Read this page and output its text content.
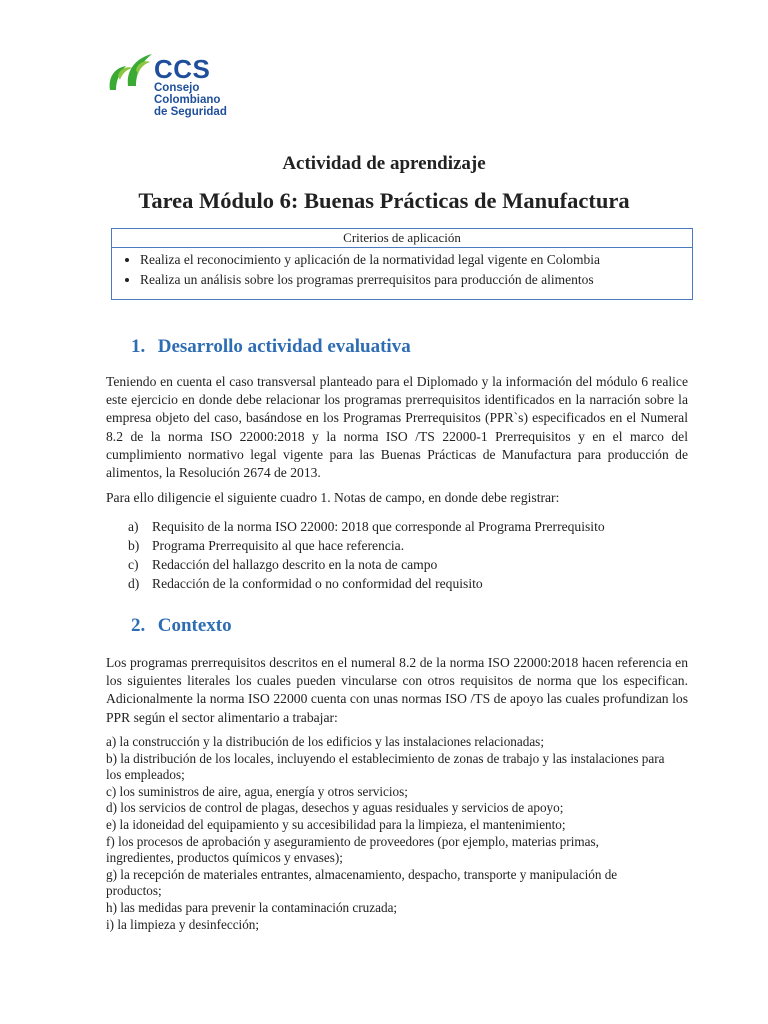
CCS
Consejo Colombiano
de Seguridad
Actividad de aprendizaje
Tarea Módulo 6: Buenas Prácticas de Manufactura
Criterios de aplicación
• Realiza el reconocimiento y aplicación de la normatividad legal vigente en Colombia
• Realiza un análisis sobre los programas prerrequisitos para producción de alimentos
1. Desarrollo actividad evaluativa

Teniendo en cuenta el caso transversal planteado para el Diplomado y la información del módulo 6 realice este ejercicio en donde debe relacionar los programas prerrequisitos identificados en la narración sobre la empresa objeto del caso, basándose en los Programas Prerrequisitos (PPR`s) especificados en el Numeral 8.2 de la norma ISO 22000:2018 y la norma ISO /TS 22000-1 Prerrequisitos y en el marco del cumplimiento normativo legal vigente para las Buenas Prácticas de Manufactura para producción de alimentos, la Resolución 2674 de 2013.

Para ello diligencie el siguiente cuadro 1. Notas de campo, en donde debe registrar:

a) Requisito de la norma ISO 22000: 2018 que corresponde al Programa Prerrequisito
b) Programa Prerrequisito al que hace referencia.
c) Redacción del hallazgo descrito en la nota de campo
d) Redacción de la conformidad o no conformidad del requisito
2. Contexto

Los programas prerrequisitos descritos en el numeral 8.2 de la norma ISO 22000:2018 hacen referencia en los siguientes literales los cuales pueden vincularse con otros requisitos de norma que los especifican. Adicionalmente la norma ISO 22000 cuenta con unas normas ISO /TS de apoyo las cuales profundizan los PPR según el sector alimentario a trabajar:

a) la construcción y la distribución de los edificios y las instalaciones relacionadas;
b) la distribución de los locales, incluyendo el establecimiento de zonas de trabajo y las instalaciones para los empleados;
c) los suministros de aire, agua, energía y otros servicios;
d) los servicios de control de plagas, desechos y aguas residuales y servicios de apoyo;
e) la idoneidad del equipamiento y su accesibilidad para la limpieza, el mantenimiento;
f) los procesos de aprobación y aseguramiento de proveedores (por ejemplo, materias primas, ingredientes, productos químicos y envases);
g) la recepción de materiales entrantes, almacenamiento, despacho, transporte y manipulación de productos;
h) las medidas para prevenir la contaminación cruzada;
i) la limpieza y desinfección;
